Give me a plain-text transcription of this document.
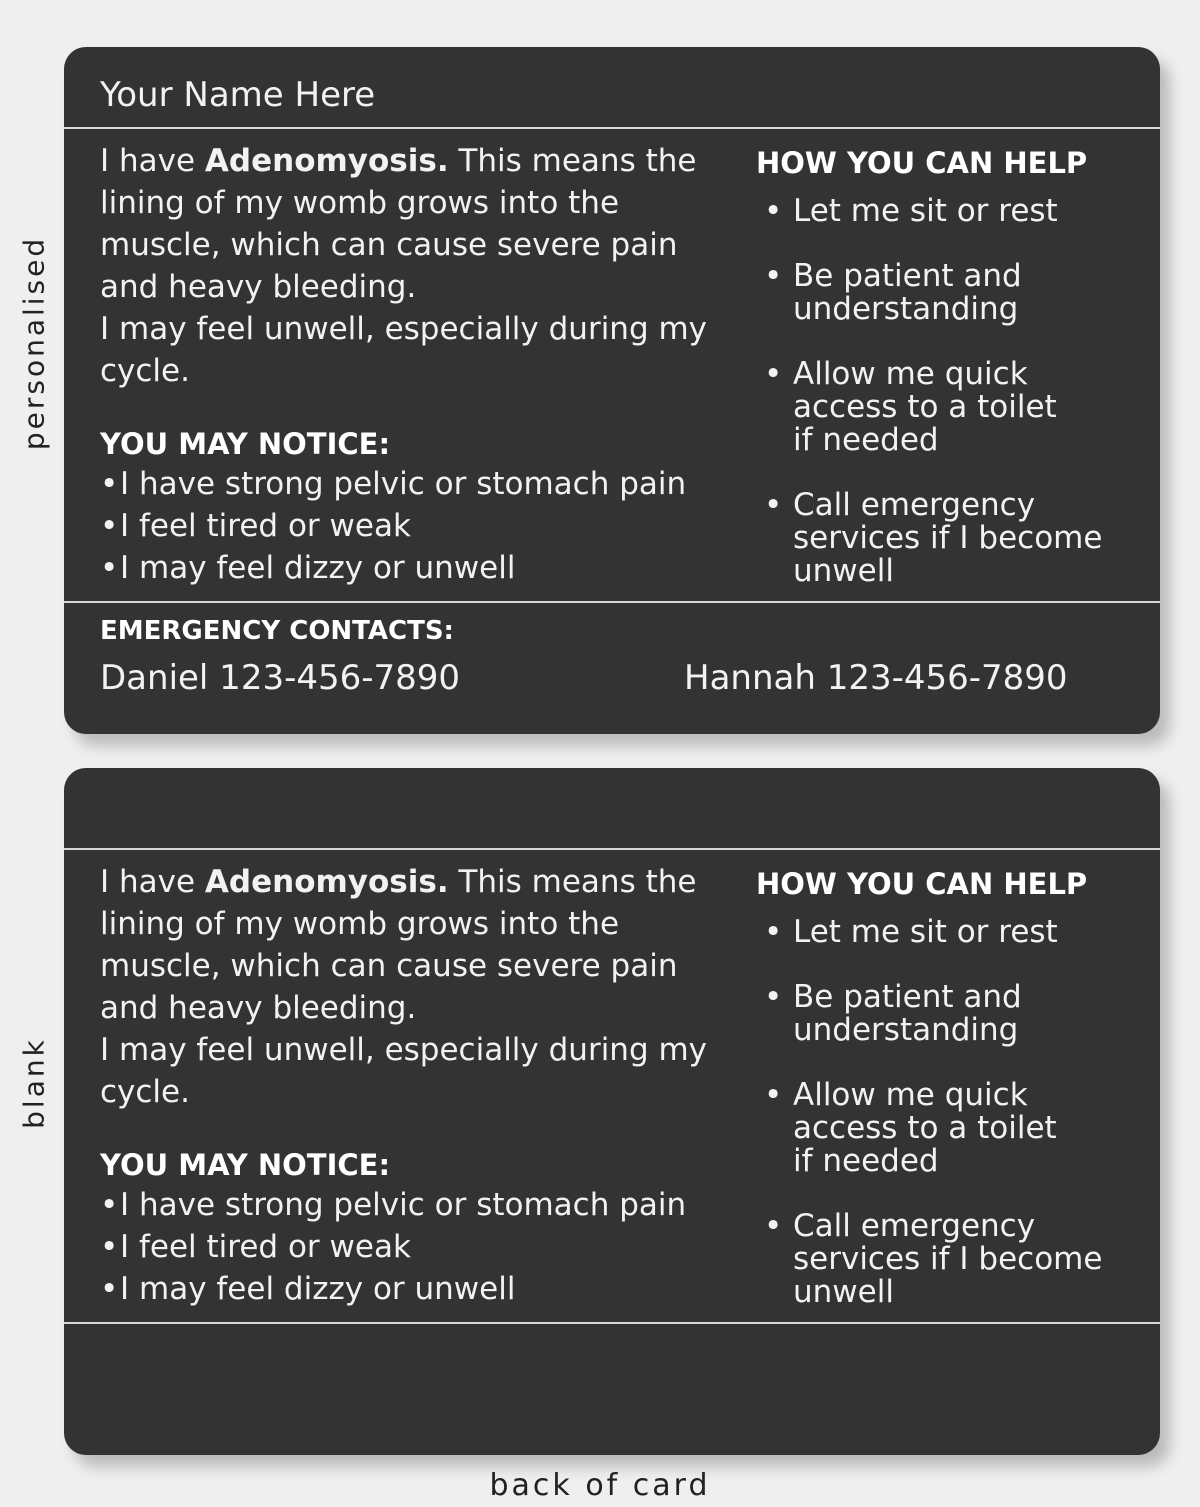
personalised
blank
Your Name Here

I have Adenomyosis. This means the lining of my womb grows into the muscle, which can cause severe pain and heavy bleeding.

I may feel unwell, especially during my cycle.

YOU MAY NOTICE:
• I have strong pelvic or stomach pain
• I feel tired or weak
• I may feel dizzy or unwell
HOW YOU CAN HELP
• Let me sit or rest
• Be patient and
understanding
• Allow me quick
access to a toilet
if needed
• Call emergency
services if I become
unwell
EMERGENCY CONTACTS:
Daniel 123-456-7890	Hannah 123-456-7890

I have Adenomyosis. This means the lining of my womb grows into the muscle, which can cause severe pain and heavy bleeding.

I may feel unwell, especially during my cycle.

YOU MAY NOTICE:
• I have strong pelvic or stomach pain
• I feel tired or weak
• I may feel dizzy or unwell
HOW YOU CAN HELP
• Let me sit or rest
• Be patient and
understanding
• Allow me quick
access to a toilet
if needed
• Call emergency
services if I become
unwell
back of card
